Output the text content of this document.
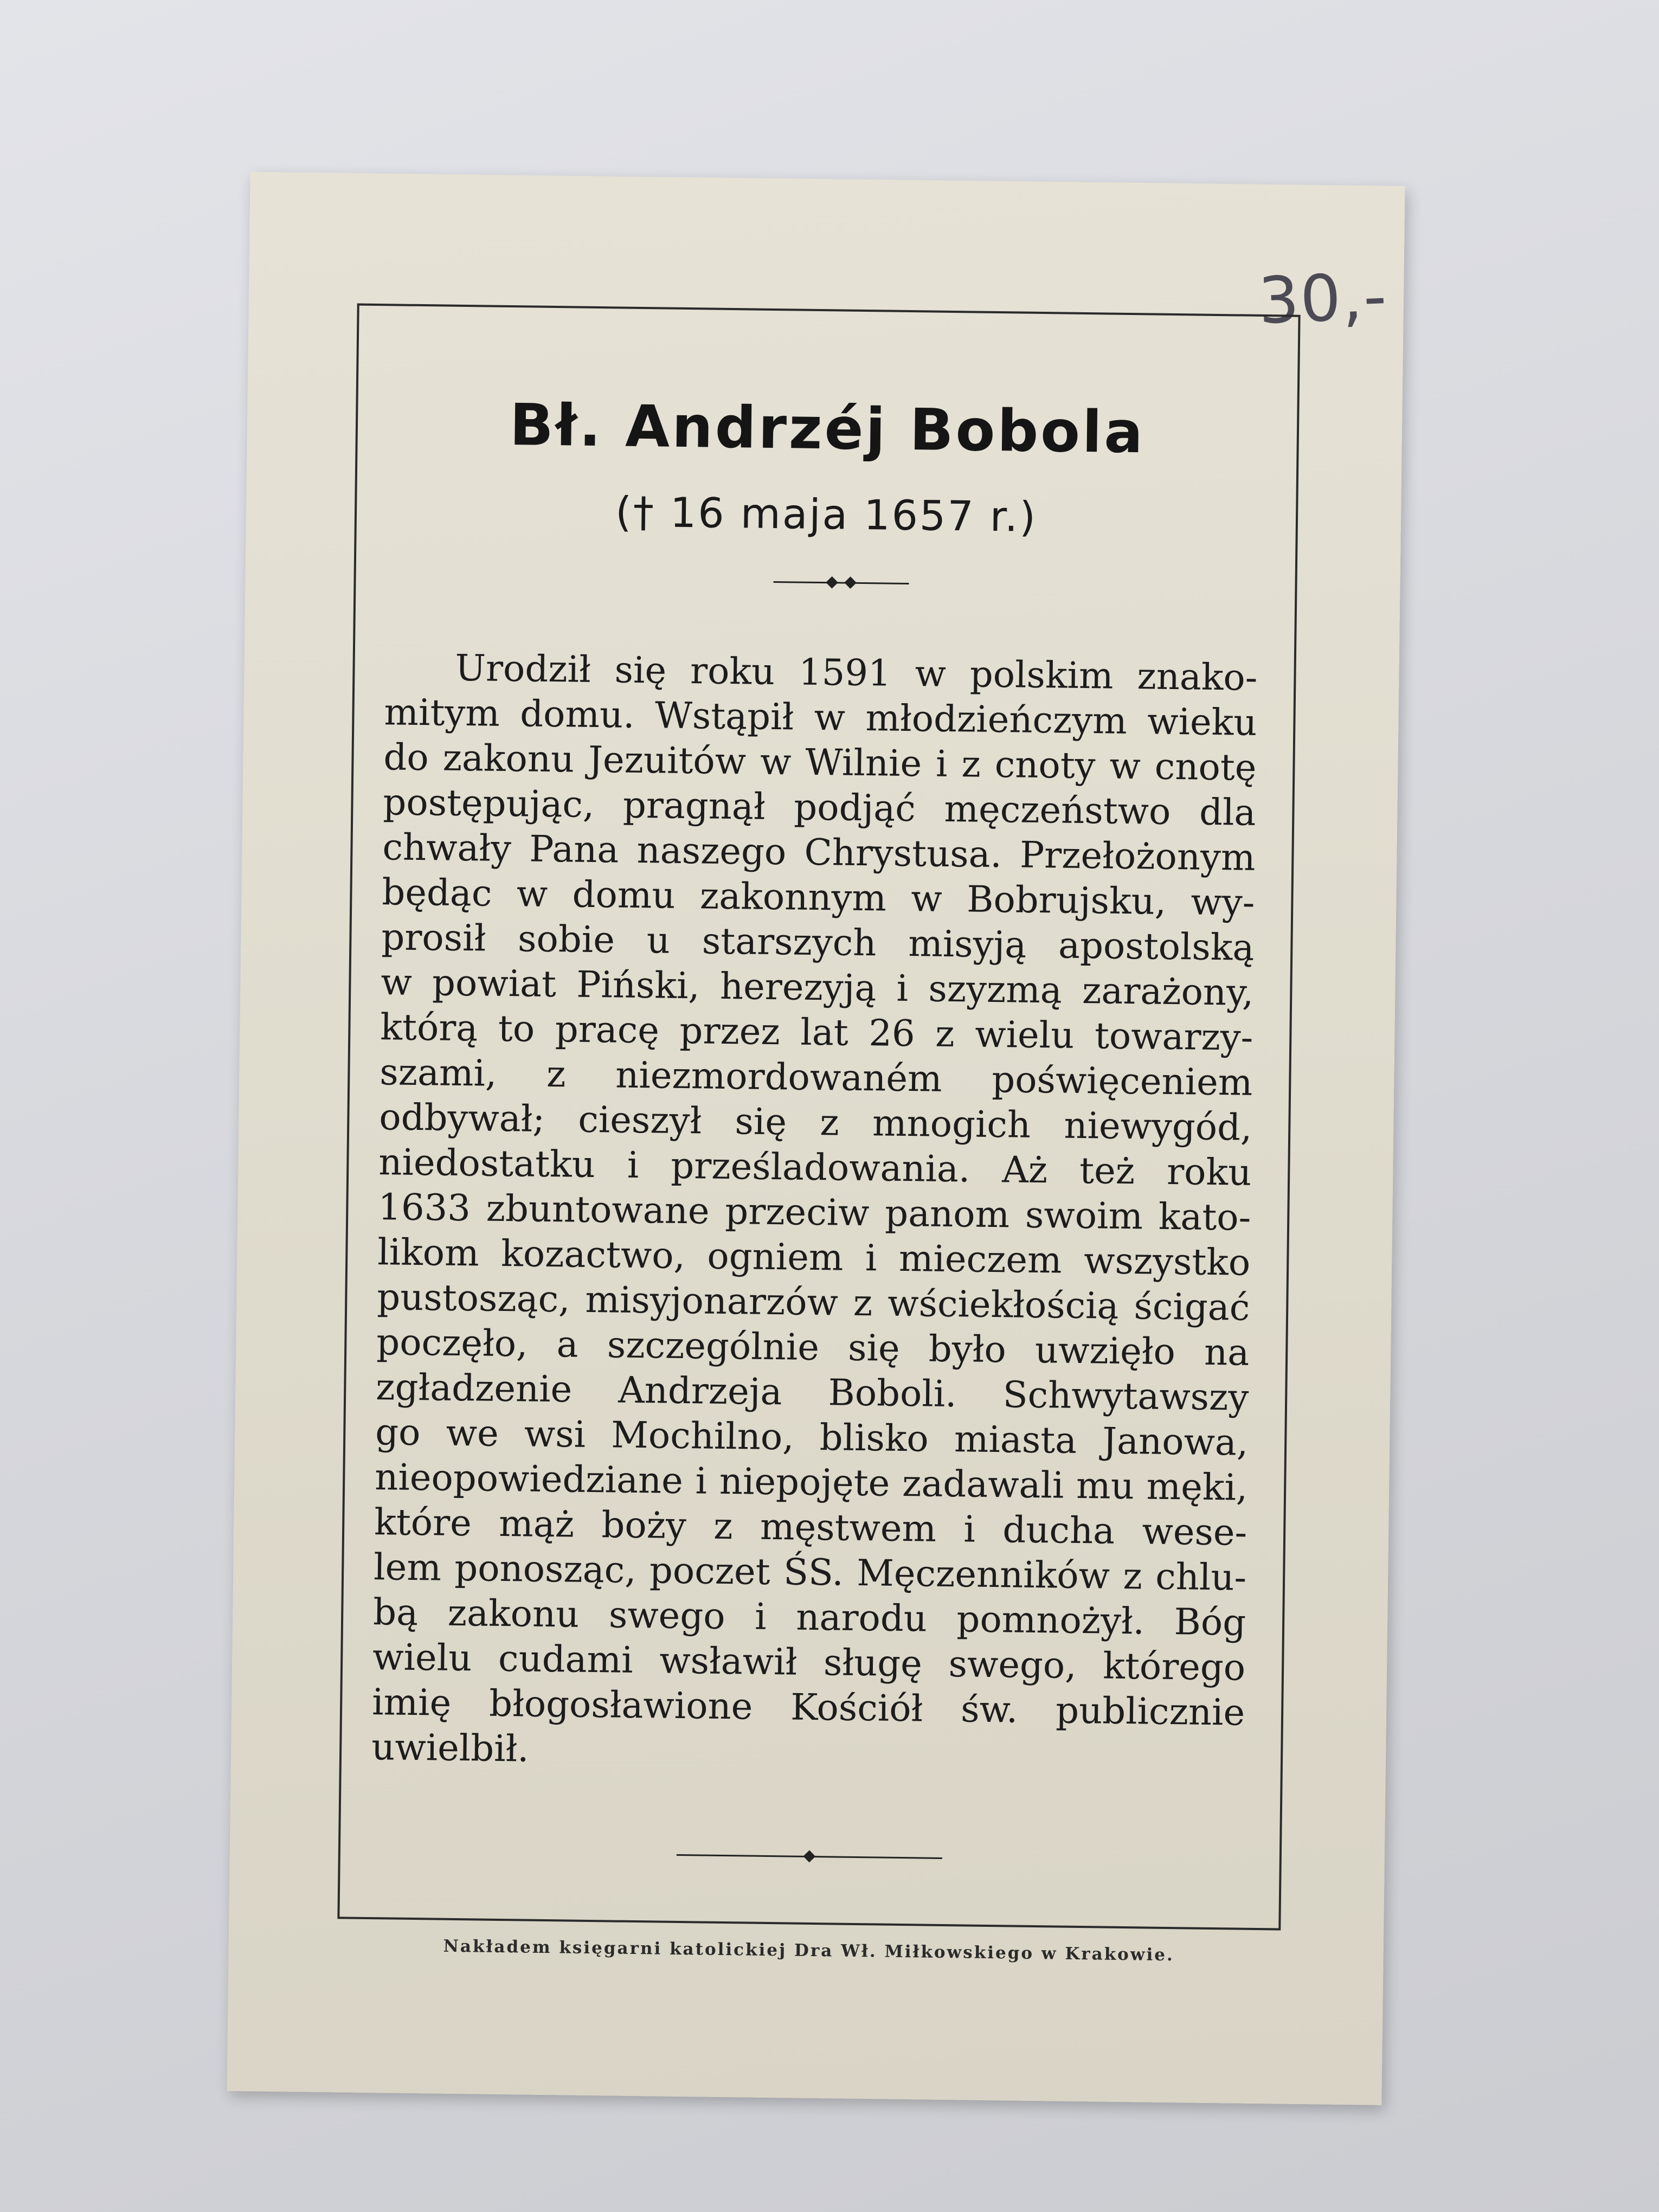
30,-
Bł. Andrzéj Bobola
(† 16 maja 1657 r.)
Urodził się roku 1591 w polskim znako-
mitym domu. Wstąpił w młodzieńczym wieku
do zakonu Jezuitów w Wilnie i z cnoty w cnotę
postępując, pragnął podjąć męczeństwo dla
chwały Pana naszego Chrystusa. Przełożonym
będąc w domu zakonnym w Bobrujsku, wy-
prosił sobie u starszych misyją apostolską
w powiat Piński, herezyją i szyzmą zarażony,
którą to pracę przez lat 26 z wielu towarzy-
szami, z niezmordowaném poświęceniem
odbywał; cieszył się z mnogich niewygód,
niedostatku i prześladowania. Aż też roku
1633 zbuntowane przeciw panom swoim kato-
likom kozactwo, ogniem i mieczem wszystko
pustosząc, misyjonarzów z wściekłością ścigać
poczęło, a szczególnie się było uwzięło na
zgładzenie Andrzeja Boboli. Schwytawszy
go we wsi Mochilno, blisko miasta Janowa,
nieopowiedziane i niepojęte zadawali mu męki,
które mąż boży z męstwem i ducha wese-
lem ponosząc, poczet ŚS. Męczenników z chlu-
bą zakonu swego i narodu pomnożył. Bóg
wielu cudami wsławił sługę swego, którego
imię błogosławione Kościół św. publicznie
uwielbił.
Nakładem księgarni katolickiej Dra Wł. Miłkowskiego w Krakowie.
